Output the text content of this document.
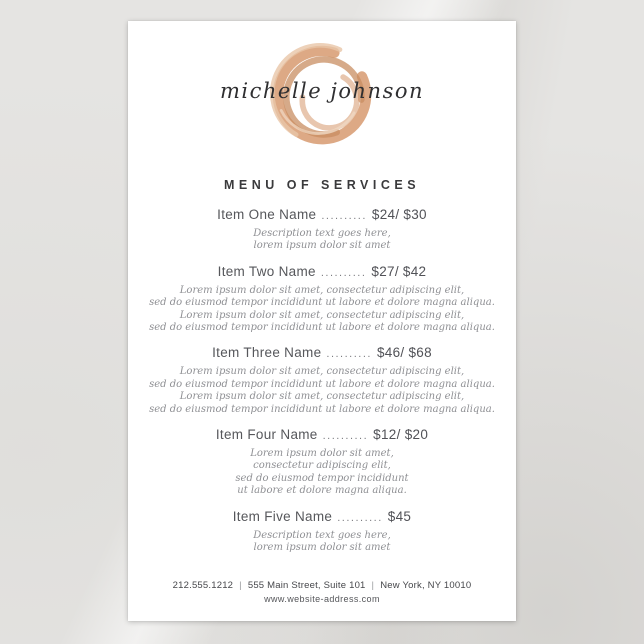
michelle johnson
MENU OF SERVICES
Item One Name .......... $24/ $30
Description text goes here,
lorem ipsum dolor sit amet
Item Two Name .......... $27/ $42
Lorem ipsum dolor sit amet, consectetur adipiscing elit,
sed do eiusmod tempor incididunt ut labore et dolore magna aliqua.
Lorem ipsum dolor sit amet, consectetur adipiscing elit,
sed do eiusmod tempor incididunt ut labore et dolore magna aliqua.
Item Three Name .......... $46/ $68
Lorem ipsum dolor sit amet, consectetur adipiscing elit,
sed do eiusmod tempor incididunt ut labore et dolore magna aliqua.
Lorem ipsum dolor sit amet, consectetur adipiscing elit,
sed do eiusmod tempor incididunt ut labore et dolore magna aliqua.
Item Four Name .......... $12/ $20
Lorem ipsum dolor sit amet,
consectetur adipiscing elit,
sed do eiusmod tempor incididunt
ut labore et dolore magna aliqua.
Item Five Name .......... $45
Description text goes here,
lorem ipsum dolor sit amet
212.555.1212 | 555 Main Street, Suite 101 | New York, NY 10010
www.website-address.com
